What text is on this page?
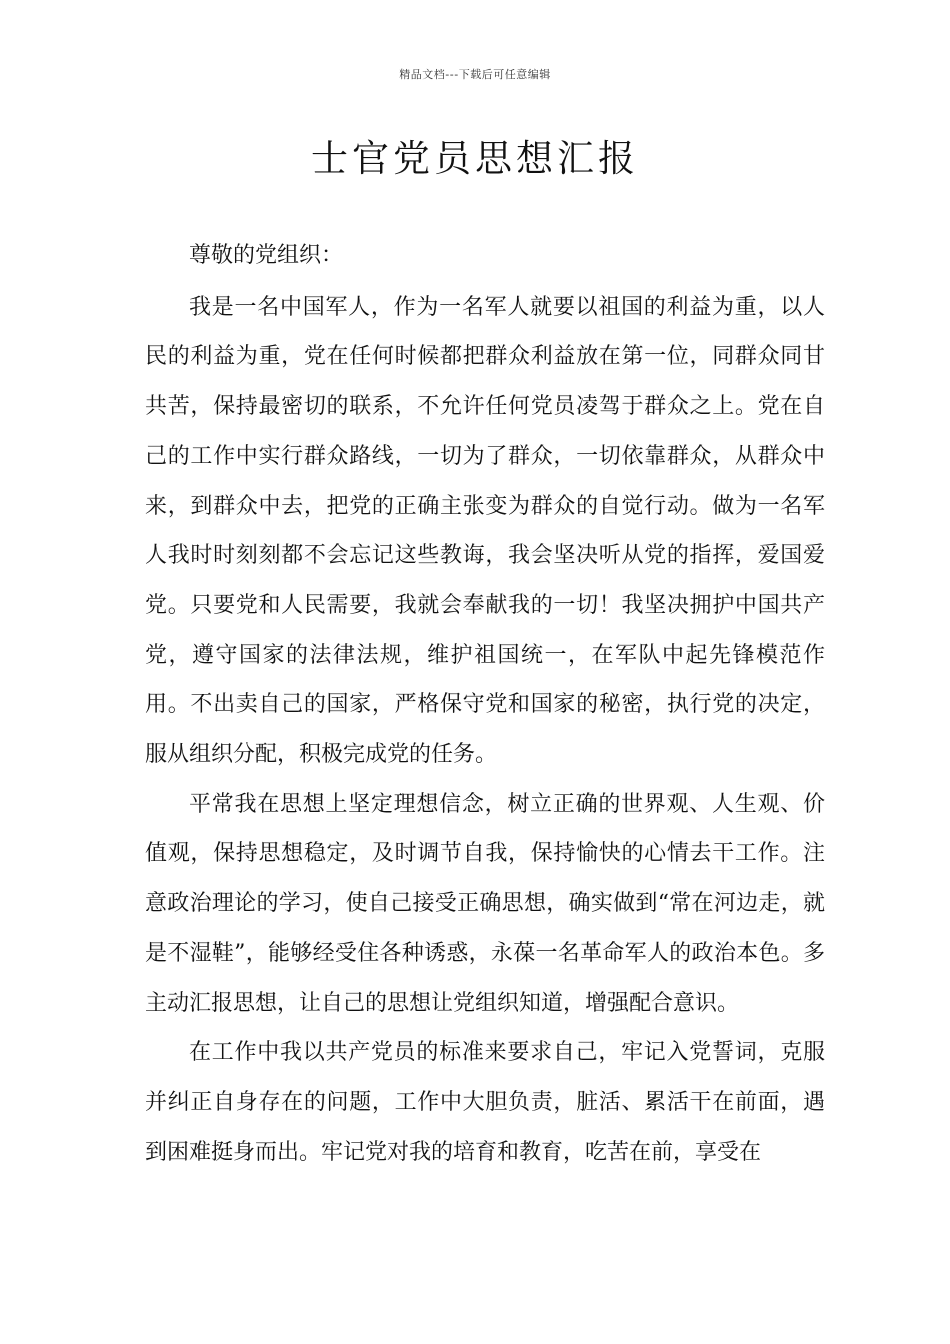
精品文档---下载后可任意编辑
士官党员思想汇报

尊敬的党组织：

我是一名中国军人，作为一名军人就要以祖国的利益为重，以人民的利益为重，党在任何时候都把群众利益放在第一位，同群众同甘共苦，保持最密切的联系，不允许任何党员凌驾于群众之上。党在自己的工作中实行群众路线，一切为了群众，一切依靠群众，从群众中来，到群众中去，把党的正确主张变为群众的自觉行动。做为一名军人我时时刻刻都不会忘记这些教诲，我会坚决听从党的指挥，爱国爱党。只要党和人民需要，我就会奉献我的一切！我坚决拥护中国共产党，遵守国家的法律法规，维护祖国统一，在军队中起先锋模范作用。不出卖自己的国家，严格保守党和国家的秘密，执行党的决定，服从组织分配，积极完成党的任务。

平常我在思想上坚定理想信念，树立正确的世界观、人生观、价值观，保持思想稳定，及时调节自我，保持愉快的心情去干工作。注意政治理论的学习，使自己接受正确思想，确实做到“常在河边走，就是不湿鞋”，能够经受住各种诱惑，永葆一名革命军人的政治本色。多主动汇报思想，让自己的思想让党组织知道，增强配合意识。

在工作中我以共产党员的标准来要求自己，牢记入党誓词，克服并纠正自身存在的问题，工作中大胆负责，脏活、累活干在前面，遇到困难挺身而出。牢记党对我的培育和教育，吃苦在前，享受在
